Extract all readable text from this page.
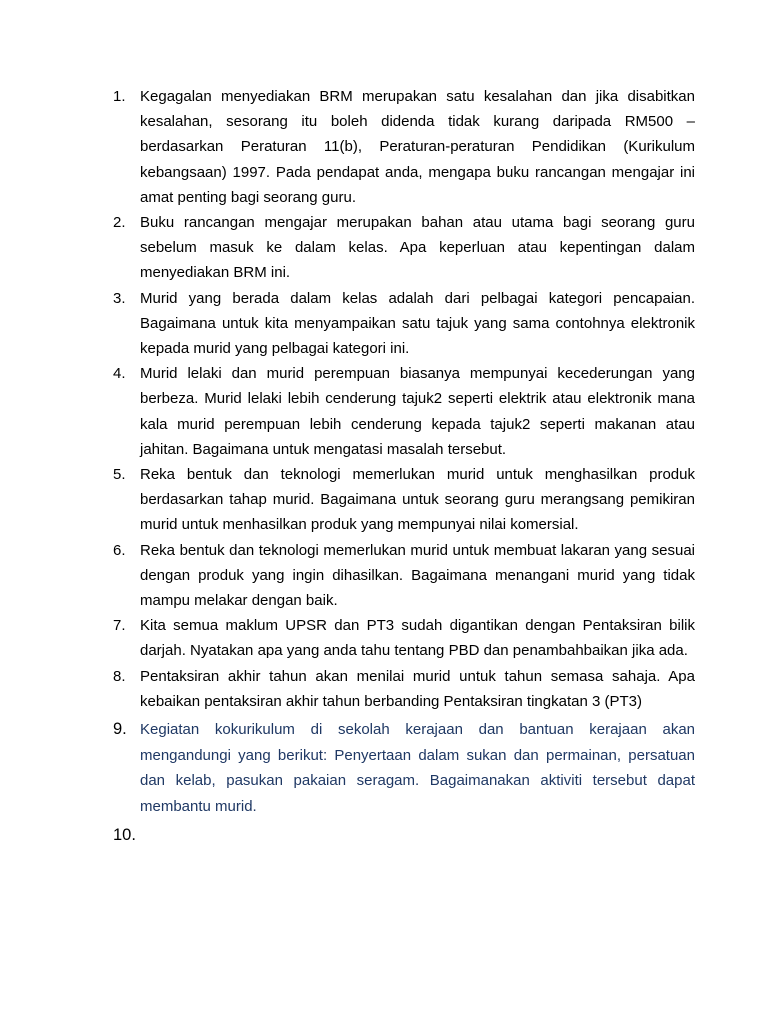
1. Kegagalan menyediakan BRM merupakan satu kesalahan dan jika disabitkan kesalahan, sesorang itu boleh didenda tidak kurang daripada RM500 – berdasarkan Peraturan 11(b), Peraturan-peraturan Pendidikan (Kurikulum kebangsaan) 1997. Pada pendapat anda, mengapa buku rancangan mengajar ini amat penting bagi seorang guru.
2. Buku rancangan mengajar merupakan bahan atau utama bagi seorang guru sebelum masuk ke dalam kelas. Apa keperluan atau kepentingan dalam menyediakan BRM ini.
3. Murid yang berada dalam kelas adalah dari pelbagai kategori pencapaian. Bagaimana untuk kita menyampaikan satu tajuk yang sama contohnya elektronik kepada murid yang pelbagai kategori ini.
4. Murid lelaki dan murid perempuan biasanya mempunyai kecederungan yang berbeza. Murid lelaki lebih cenderung tajuk2 seperti elektrik atau elektronik mana kala murid perempuan lebih cenderung kepada tajuk2 seperti makanan atau jahitan. Bagaimana untuk mengatasi masalah tersebut.
5. Reka bentuk dan teknologi memerlukan murid untuk menghasilkan produk berdasarkan tahap murid. Bagaimana untuk seorang guru merangsang pemikiran murid untuk menhasilkan produk yang mempunyai nilai komersial.
6. Reka bentuk dan teknologi memerlukan murid untuk membuat lakaran yang sesuai dengan produk yang ingin dihasilkan. Bagaimana menangani murid yang tidak mampu melakar dengan baik.
7. Kita semua maklum UPSR dan PT3 sudah digantikan dengan Pentaksiran bilik darjah. Nyatakan apa yang anda tahu tentang PBD dan penambahbaikan jika ada.
8. Pentaksiran akhir tahun akan menilai murid untuk tahun semasa sahaja. Apa kebaikan pentaksiran akhir tahun berbanding Pentaksiran tingkatan 3 (PT3)
9. Kegiatan kokurikulum di sekolah kerajaan dan bantuan kerajaan akan mengandungi yang berikut: Penyertaan dalam sukan dan permainan, persatuan dan kelab, pasukan pakaian seragam. Bagaimanakan aktiviti tersebut dapat membantu murid.
10.
